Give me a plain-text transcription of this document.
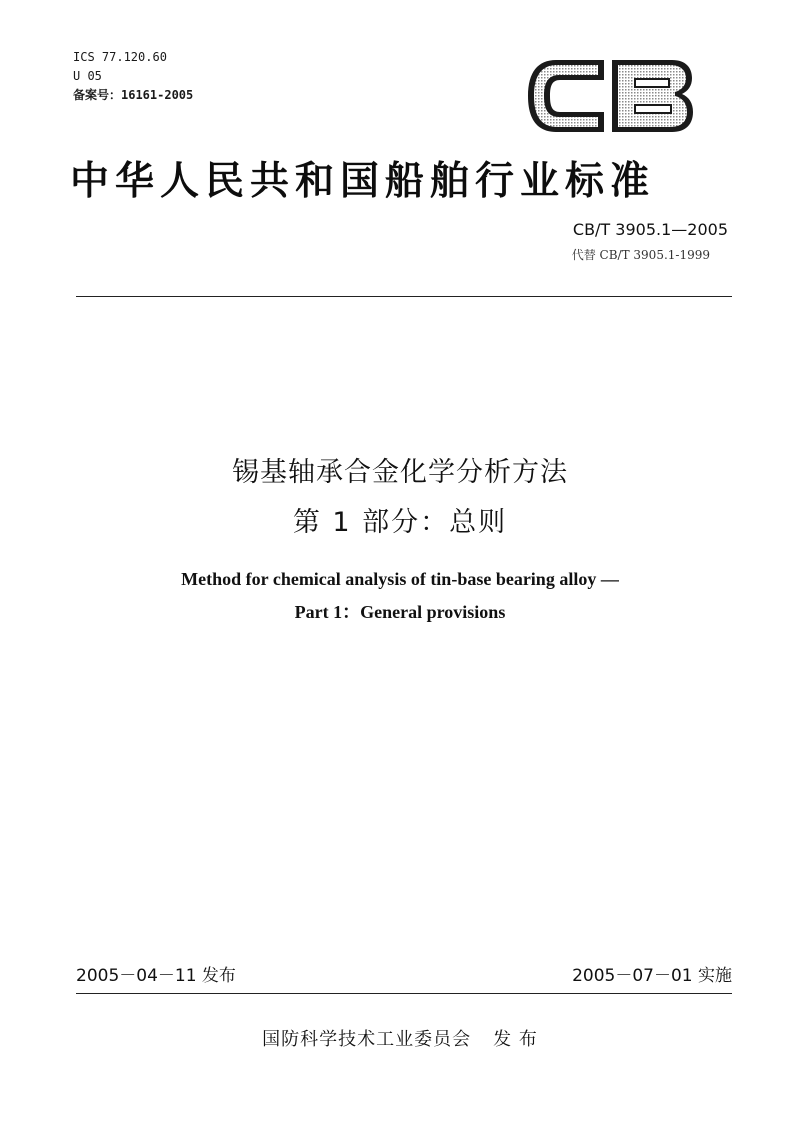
ICS 77.120.60
U 05
备案号：16161-2005
中华人民共和国船舶行业标准
CB/T 3905.1—2005
代替 CB/T 3905.1-1999
锡基轴承合金化学分析方法
第 1 部分：总则
Method for chemical analysis of tin-base bearing alloy —
Part 1：General provisions
2005－04－11 发布	2005－07－01 实施
国防科学技术工业委员会 发 布
